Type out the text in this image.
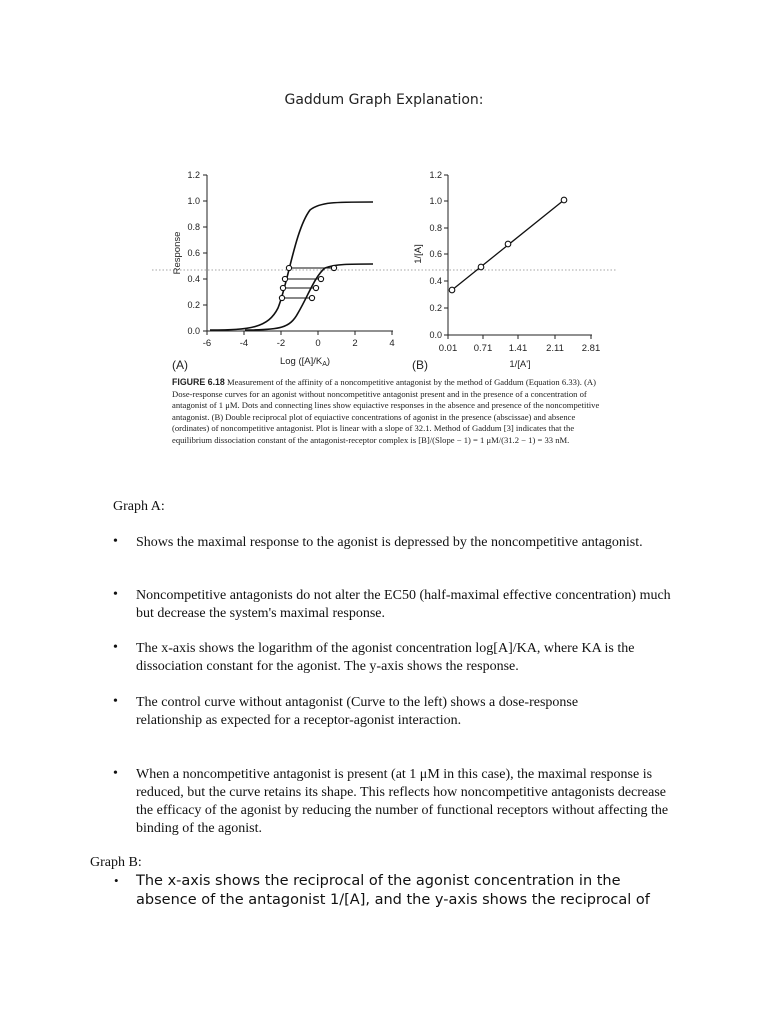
Gaddum Graph Explanation:
1.2
1.0
0.8
0.6
0.4
0.2
0.0
-6	-4	-2	0	2	4
Response
Log $([A]/K_A)$
(A)
1.2
1.0
0.8
0.6
0.4
0.2
0.0
0.01 0.71 1.41 2.11 2.81
1/[A]
1/[A']
(B)
FIGURE 6.18 Measurement of the affinity of a noncompetitive antagonist by the method of Gaddum (Equation 6.33). (A) Dose-response curves for an agonist without noncompetitive antagonist present and in the presence of a concentration of antagonist of 1 μM. Dots and connecting lines show equiactive responses in the absence and presence of the noncompetitive antagonist. (B) Double reciprocal plot of equiactive concentrations of agonist in the presence (abscissae) and absence (ordinates) of noncompetitive antagonist. Plot is linear with a slope of 32.1. Method of Gaddum [3] indicates that the equilibrium dissociation constant of the antagonist-receptor complex is [B]/(Slope − 1) = 1 μM/(31.2 − 1) = 33 nM.
Graph A:
• Shows the maximal response to the agonist is depressed by the noncompetitive antagonist.
• Noncompetitive antagonists do not alter the EC50 (half-maximal effective concentration) much but decrease the system's maximal response.
• The x-axis shows the logarithm of the agonist concentration log[A]/KA, where KA is the dissociation constant for the agonist. The y-axis shows the response.
• The control curve without antagonist (Curve to the left) shows a dose-response relationship as expected for a receptor-agonist interaction.
• When a noncompetitive antagonist is present (at 1 μM in this case), the maximal response is reduced, but the curve retains its shape. This reflects how noncompetitive antagonists decrease the efficacy of the agonist by reducing the number of functional receptors without affecting the binding of the agonist.
Graph B:
• The x-axis shows the reciprocal of the agonist concentration in the absence of the antagonist 1/[A], and the y-axis shows the reciprocal of
